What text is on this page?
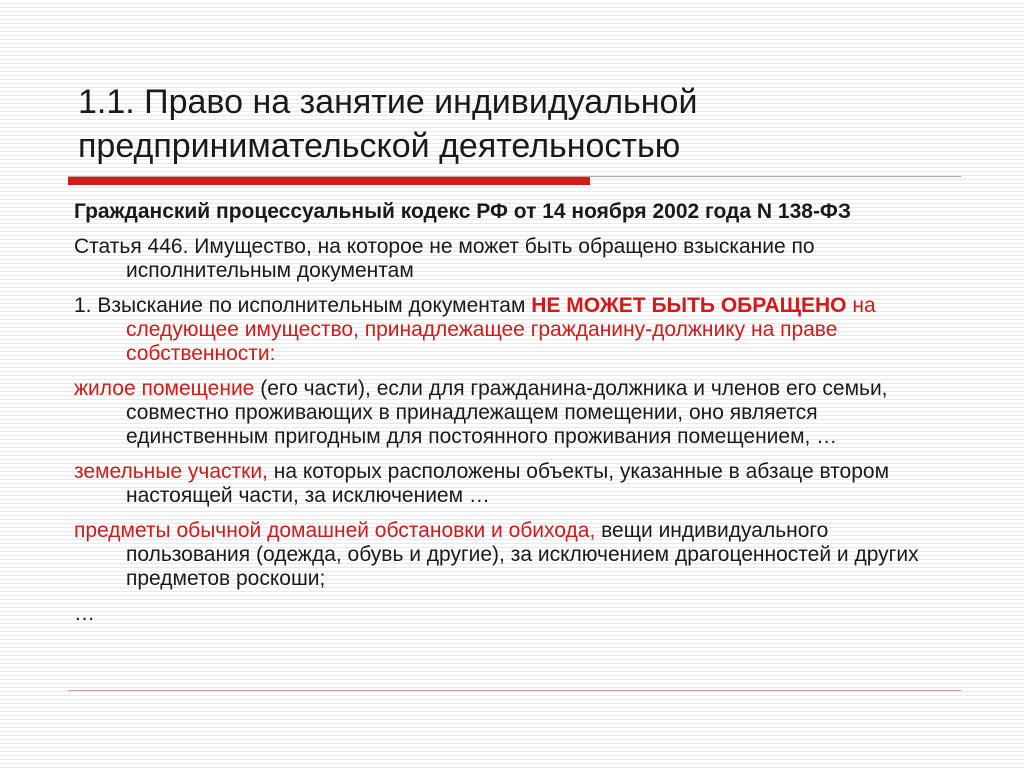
1.1. Право на занятие индивидуальной
предпринимательской деятельностью

Гражданский процессуальный кодекс РФ от 14 ноября 2002 года N 138-ФЗ

Статья 446. Имущество, на которое не может быть обращено взыскание по исполнительным документам

1. Взыскание по исполнительным документам НЕ МОЖЕТ БЫТЬ ОБРАЩЕНО на следующее имущество, принадлежащее гражданину-должнику на праве собственности:

жилое помещение (его части), если для гражданина-должника и членов его семьи, совместно проживающих в принадлежащем помещении, оно является единственным пригодным для постоянного проживания помещением, …

земельные участки, на которых расположены объекты, указанные в абзаце втором настоящей части, за исключением …

предметы обычной домашней обстановки и обихода, вещи индивидуального пользования (одежда, обувь и другие), за исключением драгоценностей и других предметов роскоши;

…
